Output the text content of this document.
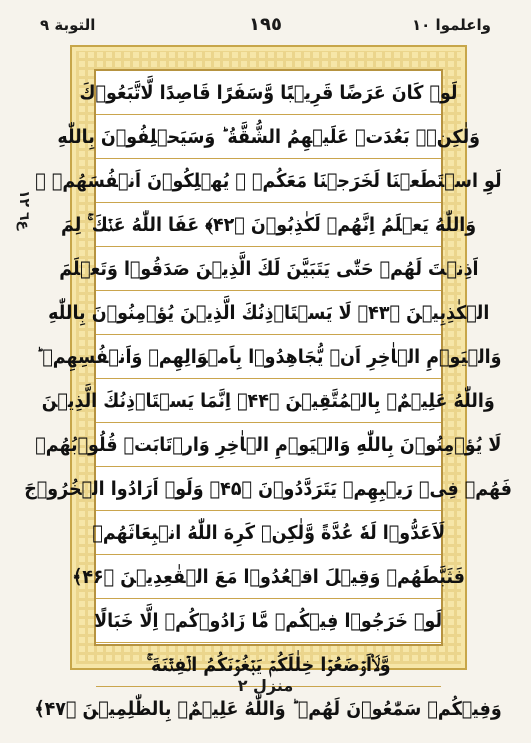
التوبة ٩	١٩٥	واعلموا ١٠
ع٦ ١٢
لَوۡ كَانَ عَرَضًا قَرِيۡبًا وَّسَفَرًا قَاصِدًا لَّاتَّبَعُوۡكَ
وَلٰكِنۡۢ بَعُدَتۡ عَلَيۡهِمُ الشُّقَّةُ ؕ وَسَيَحۡلِفُوۡنَ بِاللّٰهِ
لَوِ اسۡتَطَعۡنَا لَخَرَجۡنَا مَعَكُمۡ ۚ يُهۡلِكُوۡنَ اَنۡفُسَهُمۡ ۚ
وَاللّٰهُ يَعۡلَمُ اِنَّهُمۡ لَكٰذِبُوۡنَ ﴿۴۲﴾ عَفَا اللّٰهُ عَنۡكَ ۚ لِمَ
اَذِنۡتَ لَهُمۡ حَتّٰى يَتَبَيَّنَ لَكَ الَّذِيۡنَ صَدَقُوۡا وَتَعۡلَمَ
الۡكٰذِبِيۡنَ ﴿۴۳﴾ لَا يَسۡتَاۡذِنُكَ الَّذِيۡنَ يُؤۡمِنُوۡنَ بِاللّٰهِ
وَالۡيَوۡمِ الۡاٰخِرِ اَنۡ يُّجَاهِدُوۡا بِاَمۡوَالِهِمۡ وَاَنۡفُسِهِمۡ ؕ
وَاللّٰهُ عَلِيۡمٌۢ بِالۡمُتَّقِيۡنَ ﴿۴۴﴾ اِنَّمَا يَسۡتَاۡذِنُكَ الَّذِيۡنَ
لَا يُؤۡمِنُوۡنَ بِاللّٰهِ وَالۡيَوۡمِ الۡاٰخِرِ وَارۡتَابَتۡ قُلُوۡبُهُمۡ
فَهُمۡ فِىۡ رَيۡبِهِمۡ يَتَرَدَّدُوۡنَ ﴿۴۵﴾ وَلَوۡ اَرَادُوا الۡخُرُوۡجَ
لَاَعَدُّوۡا لَهٗ عُدَّةً وَّلٰكِنۡ كَرِهَ اللّٰهُ انۢبِعَاثَهُمۡ
فَثَبَّطَهُمۡ وَقِيۡلَ اقۡعُدُوۡا مَعَ الۡقٰعِدِيۡنَ ﴿۴۶﴾
لَوۡ خَرَجُوۡا فِيۡكُمۡ مَّا زَادُوۡكُمۡ اِلَّا خَبَالًا
وَّلَا۟اَوۡضَعُوۡا خِلٰلَكُمۡ يَبۡغُوۡنَكُمُ الۡفِتۡنَةَ ۚ
وَفِيۡكُمۡ سَمّٰعُوۡنَ لَهُمۡ ؕ وَاللّٰهُ عَلِيۡمٌۢ بِالظّٰلِمِيۡنَ ﴿۴۷﴾
منزل ٢
